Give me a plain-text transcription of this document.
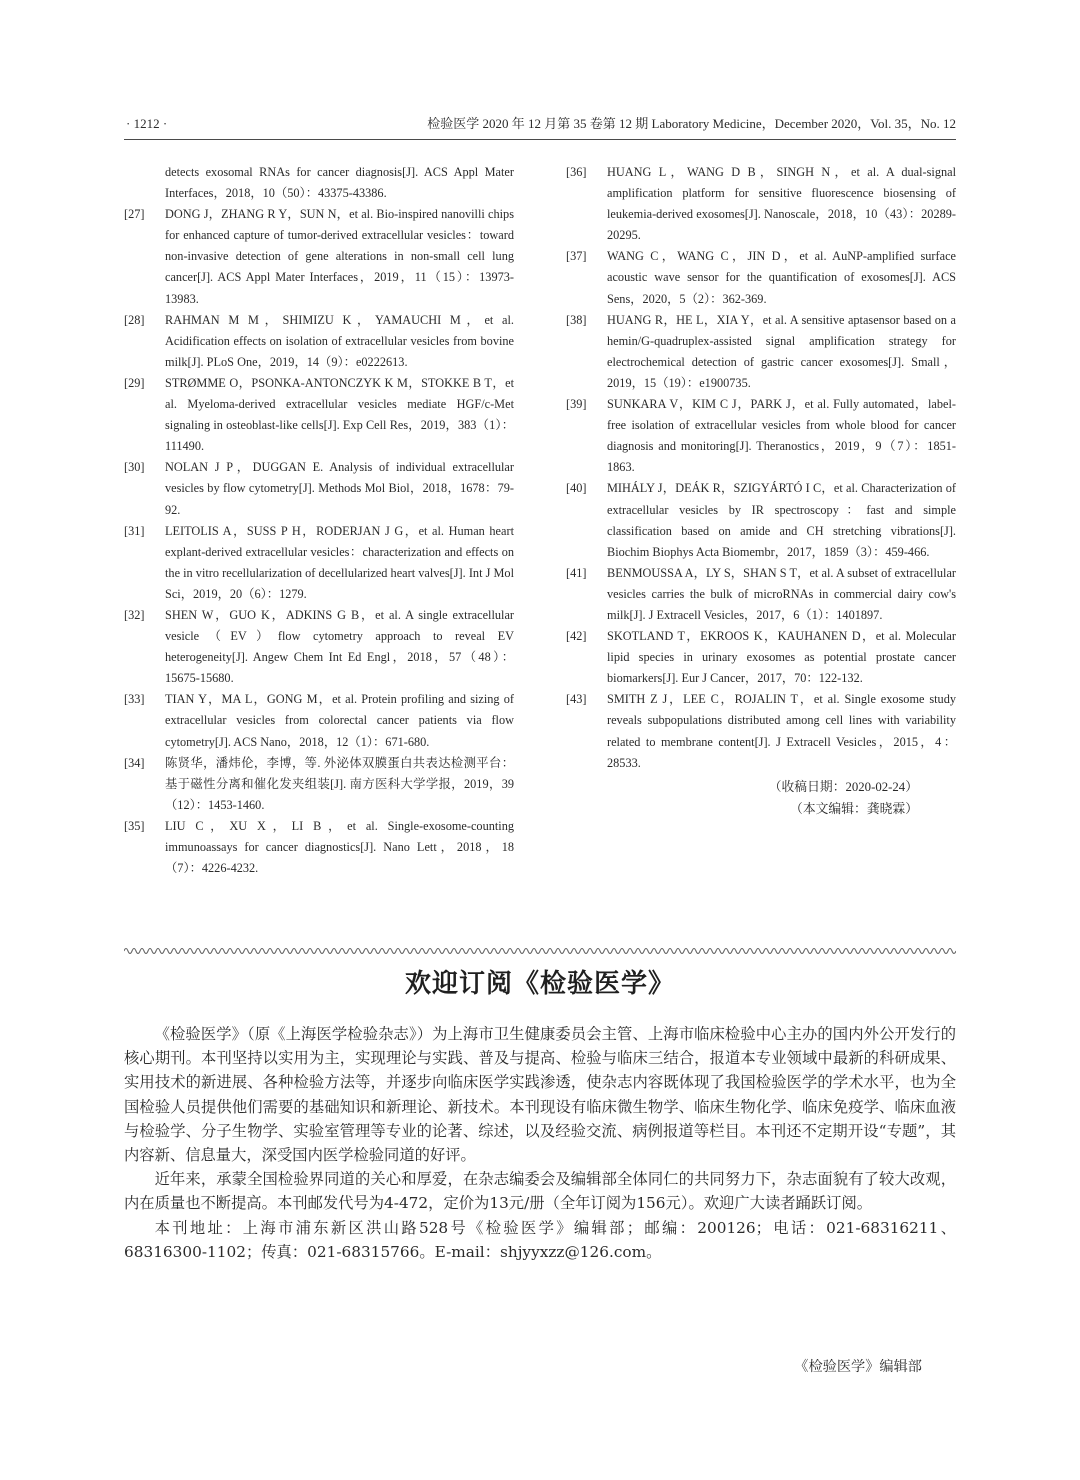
· 1212 ·	检验医学 2020 年 12 月第 35 卷第 12 期 Laboratory Medicine，December 2020，Vol. 35，No. 12
detects exosomal RNAs for cancer diagnosis[J]. ACS Appl Mater Interfaces，2018，10（50）：43375-43386.
[27] DONG J，ZHANG R Y，SUN N，et al. Bio-inspired nanovilli chips for enhanced capture of tumor-derived extracellular vesicles：toward non-invasive detection of gene alterations in non-small cell lung cancer[J]. ACS Appl Mater Interfaces，2019，11（15）：13973-13983.
[28] RAHMAN M M，SHIMIZU K，YAMAUCHI M，et al. Acidification effects on isolation of extracellular vesicles from bovine milk[J]. PLoS One，2019，14（9）：e0222613.
[29] STRØMME O，PSONKA-ANTONCZYK K M，STOKKE B T，et al. Myeloma-derived extracellular vesicles mediate HGF/c-Met signaling in osteoblast-like cells[J]. Exp Cell Res，2019，383（1）：111490.
[30] NOLAN J P，DUGGAN E. Analysis of individual extracellular vesicles by flow cytometry[J]. Methods Mol Biol，2018，1678：79-92.
[31] LEITOLIS A，SUSS P H，RODERJAN J G，et al. Human heart explant-derived extracellular vesicles：characterization and effects on the in vitro recellularization of decellularized heart valves[J]. Int J Mol Sci，2019，20（6）：1279.
[32] SHEN W，GUO K，ADKINS G B，et al. A single extracellular vesicle（EV）flow cytometry approach to reveal EV heterogeneity[J]. Angew Chem Int Ed Engl，2018，57（48）：15675-15680.
[33] TIAN Y，MA L，GONG M，et al. Protein profiling and sizing of extracellular vesicles from colorectal cancer patients via flow cytometry[J]. ACS Nano，2018，12（1）：671-680.
[34] 陈贤华，潘炜伦，李博，等. 外泌体双膜蛋白共表达检测平台：基于磁性分离和催化发夹组装[J]. 南方医科大学学报，2019，39（12）：1453-1460.
[35] LIU C，XU X，LI B，et al. Single-exosome-counting immunoassays for cancer diagnostics[J]. Nano Lett，2018，18（7）：4226-4232.
[36] HUANG L，WANG D B，SINGH N，et al. A dual-signal amplification platform for sensitive fluorescence biosensing of leukemia-derived exosomes[J]. Nanoscale，2018，10（43）：20289-20295.
[37] WANG C，WANG C，JIN D，et al. AuNP-amplified surface acoustic wave sensor for the quantification of exosomes[J]. ACS Sens，2020，5（2）：362-369.
[38] HUANG R，HE L，XIA Y，et al. A sensitive aptasensor based on a hemin/G-quadruplex-assisted signal amplification strategy for electrochemical detection of gastric cancer exosomes[J]. Small，2019，15（19）：e1900735.
[39] SUNKARA V，KIM C J，PARK J，et al. Fully automated，label-free isolation of extracellular vesicles from whole blood for cancer diagnosis and monitoring[J]. Theranostics，2019，9（7）：1851-1863.
[40] MIHÁLY J，DEÁK R，SZIGYÁRTÓ I C，et al. Characterization of extracellular vesicles by IR spectroscopy：fast and simple classification based on amide and CH stretching vibrations[J]. Biochim Biophys Acta Biomembr，2017，1859（3）：459-466.
[41] BENMOUSSA A，LY S，SHAN S T，et al. A subset of extracellular vesicles carries the bulk of microRNAs in commercial dairy cow's milk[J]. J Extracell Vesicles，2017，6（1）：1401897.
[42] SKOTLAND T，EKROOS K，KAUHANEN D，et al. Molecular lipid species in urinary exosomes as potential prostate cancer biomarkers[J]. Eur J Cancer，2017，70：122-132.
[43] SMITH Z J，LEE C，ROJALIN T，et al. Single exosome study reveals subpopulations distributed among cell lines with variability related to membrane content[J]. J Extracell Vesicles，2015，4：28533.
（收稿日期：2020-02-24）
（本文编辑：龚晓霖）
欢迎订阅《检验医学》

《检验医学》（原《上海医学检验杂志》）为上海市卫生健康委员会主管、上海市临床检验中心主办的国内外公开发行的核心期刊。本刊坚持以实用为主，实现理论与实践、普及与提高、检验与临床三结合，报道本专业领域中最新的科研成果、实用技术的新进展、各种检验方法等，并逐步向临床医学实践渗透，使杂志内容既体现了我国检验医学的学术水平，也为全国检验人员提供他们需要的基础知识和新理论、新技术。本刊现设有临床微生物学、临床生物化学、临床免疫学、临床血液与检验学、分子生物学、实验室管理等专业的论著、综述，以及经验交流、病例报道等栏目。本刊还不定期开设“专题”，其内容新、信息量大，深受国内医学检验同道的好评。

近年来，承蒙全国检验界同道的关心和厚爱，在杂志编委会及编辑部全体同仁的共同努力下，杂志面貌有了较大改观，内在质量也不断提高。本刊邮发代号为4-472，定价为13元/册（全年订阅为156元）。欢迎广大读者踊跃订阅。

本刊地址：上海市浦东新区洪山路528号《检验医学》编辑部；邮编：200126；电话：021-68316211、68316300-1102；传真：021-68315766。E-mail：shjyyxzz@126.com。

《检验医学》编辑部
